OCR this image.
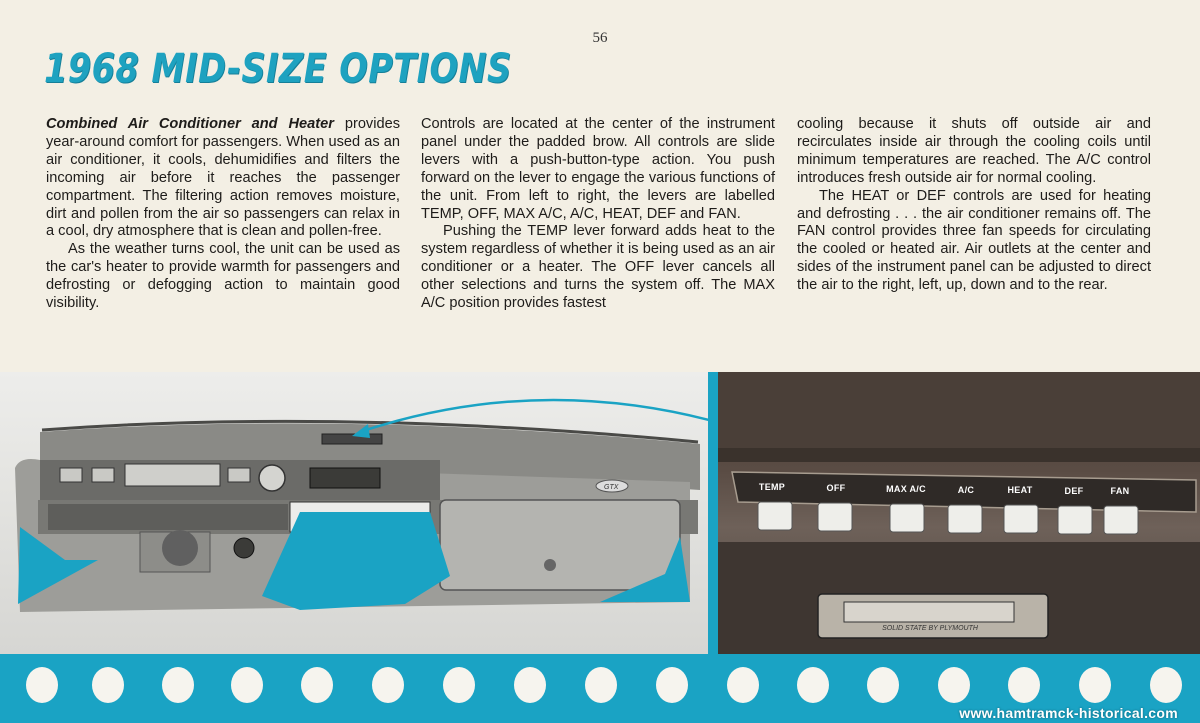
56
1968 MID-SIZE OPTIONS

Combined Air Conditioner and Heater provides year-around comfort for passengers. When used as an air conditioner, it cools, dehumidifies and filters the incoming air before it reaches the passenger compartment. The filtering action removes moisture, dirt and pollen from the air so passengers can relax in a cool, dry atmosphere that is clean and pollen-free.

As the weather turns cool, the unit can be used as the car's heater to provide warmth for passengers and defrosting or defogging action to maintain good visibility.

Controls are located at the center of the instrument panel under the padded brow. All controls are slide levers with a push-button-type action. You push forward on the lever to engage the various functions of the unit. From left to right, the levers are labelled TEMP, OFF, MAX A/C, A/C, HEAT, DEF and FAN.

Pushing the TEMP lever forward adds heat to the system regardless of whether it is being used as an air conditioner or a heater. The OFF lever cancels all other selections and turns the system off. The MAX A/C position provides fastest

cooling because it shuts off outside air and recirculates inside air through the cooling coils until minimum temperatures are reached. The A/C control introduces fresh outside air for normal cooling.

The HEAT or DEF controls are used for heating and defrosting . . . the air conditioner remains off. The FAN control provides three fan speeds for circulating the cooled or heated air. Air outlets at the center and sides of the instrument panel can be adjusted to direct the air to the right, left, up, down and to the rear.

GTX	TEMP	OFF	MAX A/C	A/C	HEAT	DEF	FAN
SOLID STATE BY PLYMOUTH
www.hamtramck-historical.com
